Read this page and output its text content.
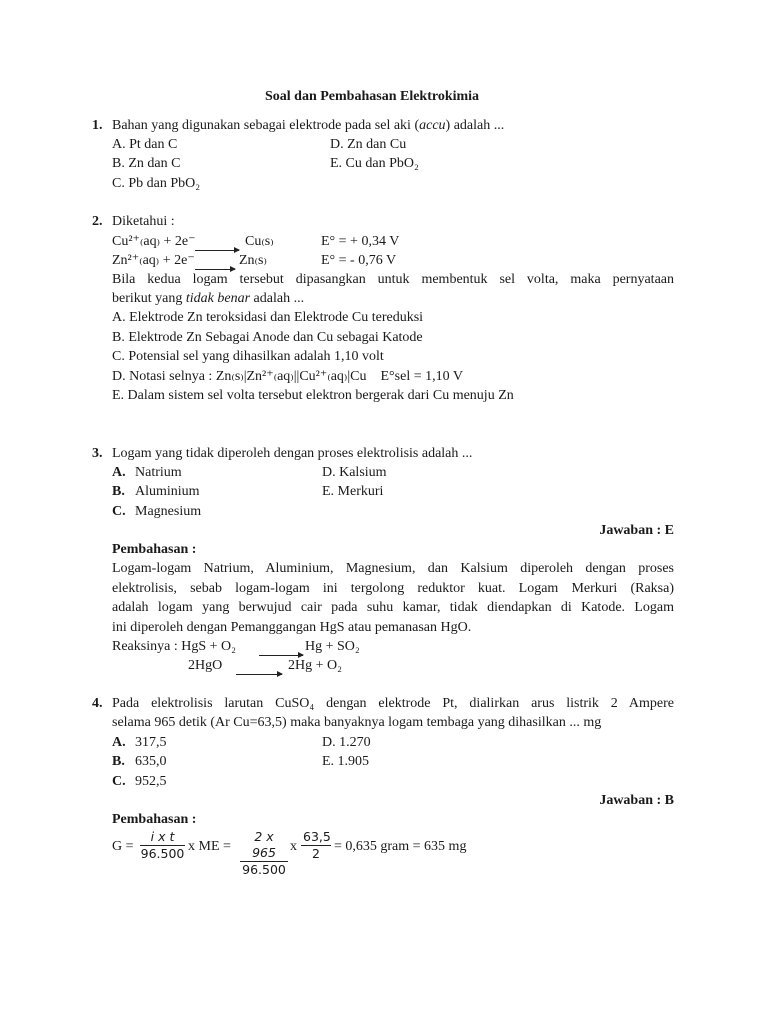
Soal dan Pembahasan Elektrokimia
1. Bahan yang digunakan sebagai elektrode pada sel aki (accu) adalah ...
A. Pt dan C
B. Zn dan C
C. Pb dan PbO₂
D. Zn dan Cu
E. Cu dan PbO₂
2. Diketahui :
Cu²⁺₍aq₎ + 2e⁻	Cu₍s₎	E° = + 0,34 V
Zn²⁺₍aq₎ + 2e⁻	Zn₍s₎	E° = - 0,76 V
Bila kedua logam tersebut dipasangkan untuk membentuk sel volta, maka pernyataan
berikut yang tidak benar adalah ...
A. Elektrode Zn teroksidasi dan Elektrode Cu tereduksi
B. Elektrode Zn Sebagai Anode dan Cu sebagai Katode
C. Potensial sel yang dihasilkan adalah 1,10 volt
D. Notasi selnya : Zn₍s₎|Zn²⁺₍aq₎||Cu²⁺₍aq₎|Cu E°sel = 1,10 V
E. Dalam sistem sel volta tersebut elektron bergerak dari Cu menuju Zn
3. Logam yang tidak diperoleh dengan proses elektrolisis adalah ...
A. Natrium
B. Aluminium
C. Magnesium
D. Kalsium
E. Merkuri
Jawaban : E
Pembahasan :
Logam-logam Natrium, Aluminium, Magnesium, dan Kalsium diperoleh dengan proses
elektrolisis, sebab logam-logam ini tergolong reduktor kuat. Logam Merkuri (Raksa)
adalah logam yang berwujud cair pada suhu kamar, tidak diendapkan di Katode. Logam
ini diperoleh dengan Pemanggangan HgS atau pemanasan HgO.
Reaksinya : HgS + O₂	Hg + SO₂
2HgO	2Hg + O₂
4. Pada elektrolisis larutan CuSO₄ dengan elektrode Pt, dialirkan arus listrik 2 Ampere
selama 965 detik (Ar Cu=63,5) maka banyaknya logam tembaga yang dihasilkan ... mg
A. 317,5
B. 635,0
C. 952,5
D. 1.270
E. 1.905
Jawaban : B
Pembahasan :
$G = \frac{\text{i x t}}{96.500}$ x ME = $\frac{2 x 965}{96.500}$ x $\frac{63,5}{2} = 0,635$ gram = 635 mg
